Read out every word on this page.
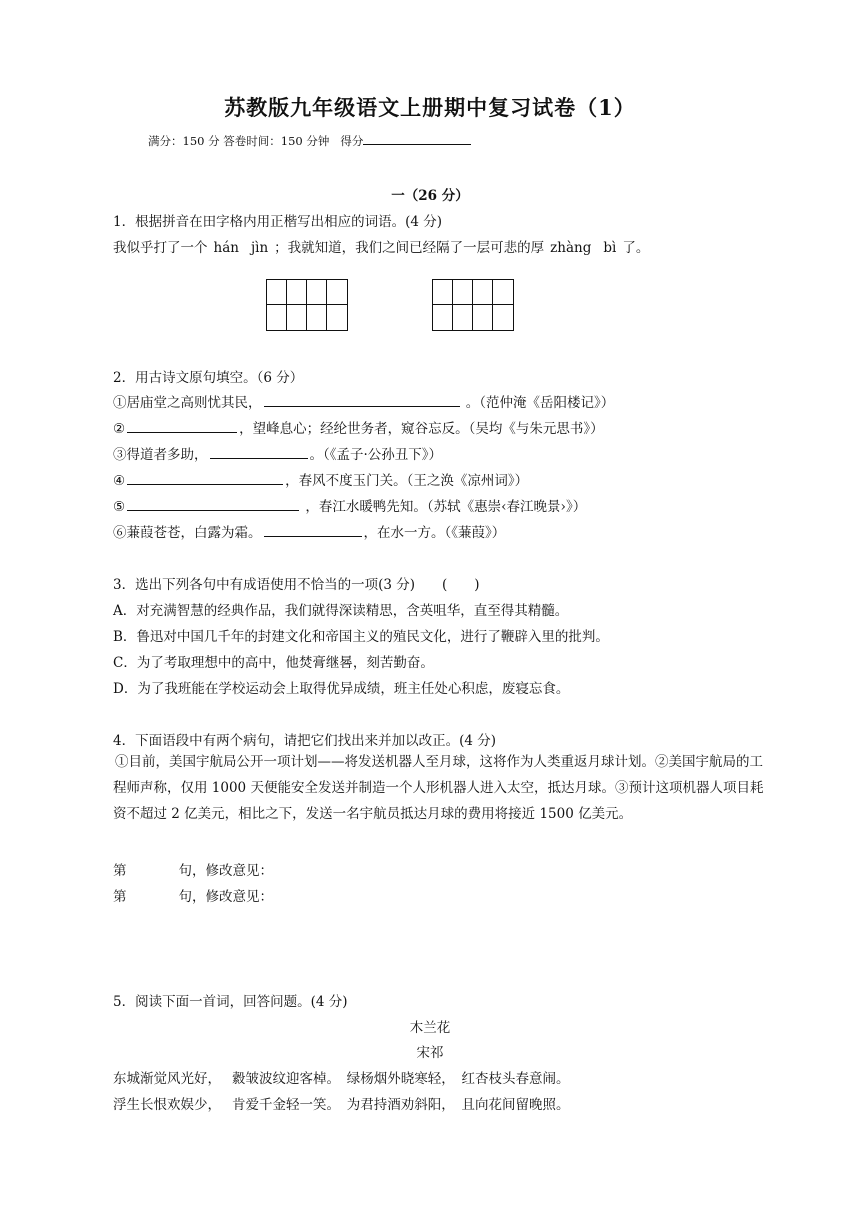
苏教版九年级语文上册期中复习试卷（1）
满分：150 分 答卷时间：150 分钟 得分
一（26 分）
1．根据拼音在田字格内用正楷写出相应的词语。(4 分)
我似乎打了一个 hán jìn ；我就知道，我们之间已经隔了一层可悲的厚 zhàng bì 了。
2．用古诗文原句填空。（6 分）
①居庙堂之高则忧其民，	。（范仲淹《岳阳楼记》）
②	，望峰息心；经纶世务者，窥谷忘反。（吴均《与朱元思书》）
③得道者多助，	。（《孟子·公孙丑下》）
④	，春风不度玉门关。（王之涣《凉州词》）
⑤	，春江水暖鸭先知。（苏轼《惠崇‹春江晚景›》）
⑥蒹葭苍苍，白露为霜。	，在水一方。（《蒹葭》）
3．选出下列各句中有成语使用不恰当的一项(3 分)　　(　　)
A．对充满智慧的经典作品，我们就得深读精思，含英咀华，直至得其精髓。
B．鲁迅对中国几千年的封建文化和帝国主义的殖民文化，进行了鞭辟入里的批判。
C．为了考取理想中的高中，他焚膏继晷，刻苦勤奋。
D．为了我班能在学校运动会上取得优异成绩，班主任处心积虑，废寝忘食。
4．下面语段中有两个病句，请把它们找出来并加以改正。(4 分)
①目前，美国宇航局公开一项计划——将发送机器人至月球，这将作为人类重返月球计划。②美国宇航局的工程师声称，仅用 1000 天便能安全发送并制造一个人形机器人进入太空，抵达月球。③预计这项机器人项目耗资不超过 2 亿美元，相比之下，发送一名宇航员抵达月球的费用将接近 1500 亿美元。
第	句，修改意见：
第	句，修改意见：
5．阅读下面一首词，回答问题。(4 分)
木兰花
宋祁
东城渐觉风光好，　 縠皱波纹迎客棹。　绿杨烟外晓寒轻，　红杏枝头春意闹。
浮生长恨欢娱少，　 肯爱千金轻一笑。　为君持酒劝斜阳，　且向花间留晚照。
